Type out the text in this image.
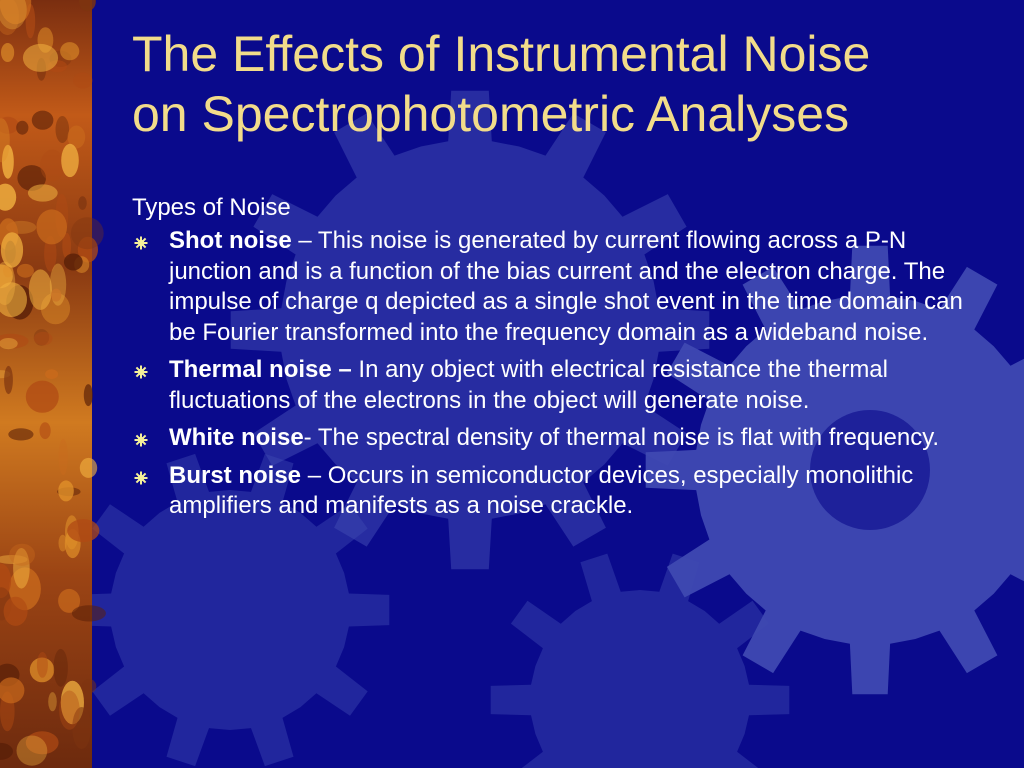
The Effects of Instrumental Noise
on Spectrophotometric Analyses
Types of Noise
Shot noise – This noise is generated by current flowing across a P-N junction and is a function of the bias current and the electron charge. The impulse of charge q depicted as a single shot event in the time domain can be Fourier transformed into the frequency domain as a wideband noise.
Thermal noise – In any object with electrical resistance the thermal fluctuations of the electrons in the object will generate noise.
White noise- The spectral density of thermal noise is flat with frequency.
Burst noise – Occurs in semiconductor devices, especially monolithic amplifiers and manifests as a noise crackle.
